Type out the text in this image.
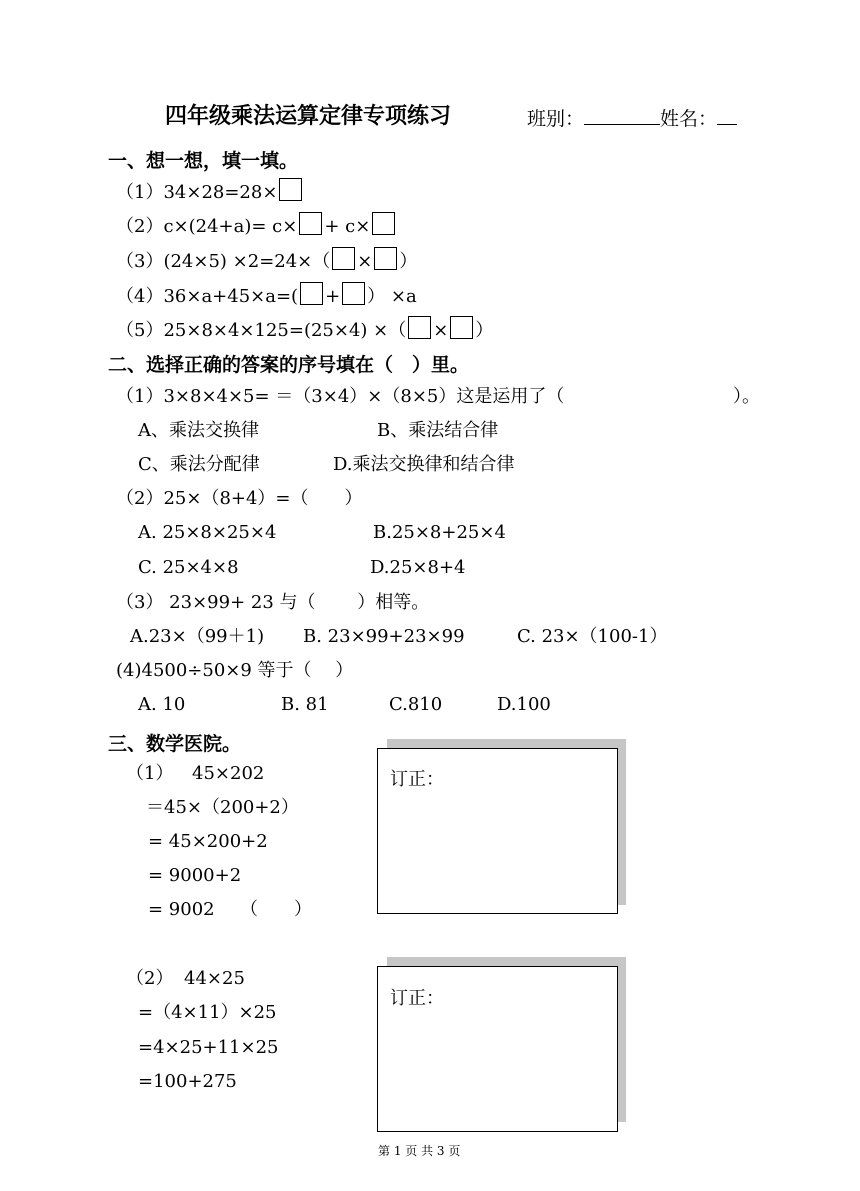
四年级乘法运算定律专项练习	班别：	姓名：
一、想一想，填一填。
（1）34×28=28×
（2）c×(24+a)= c× + c×
（3）(24×5) ×2=24×（ × ）
（4）36×a+45×a=( + ） ×a
（5）25×8×4×125=(25×4) ×（ × ）
二、选择正确的答案的序号填在（　）里。
（1）3×8×4×5= ＝（3×4）×（8×5）这是运用了（	）。
A、乘法交换律	B、乘法结合律
C、乘法分配律	D.乘法交换律和结合律
（2）25×（8+4）=（　　）
A. 25×8×25×4	B.25×8+25×4
C. 25×4×8	D.25×8+4
（3） 23×99+ 23 与（　　 ）相等。
A.23×（99＋1) B. 23×99+23×99	C. 23×（100-1）
(4)4500÷50×9 等于（　 ）
A. 10	B. 81	C.810	D.100
三、数学医院。
（1） 45×202
＝45×（200+2）
= 45×200+2
= 9000+2
= 9002 （　　）
订正：
（2） 44×25
=（4×11）×25
=4×25+11×25
=100+275
订正：
第 1 页 共 3 页
